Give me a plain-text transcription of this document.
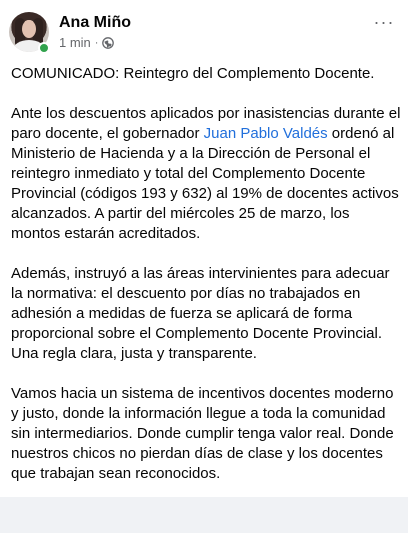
Ana Miño
1 min ·
···

COMUNICADO: Reintegro del Complemento Docente.

Ante los descuentos aplicados por inasistencias durante el paro docente, el gobernador Juan Pablo Valdés ordenó al Ministerio de Hacienda y a la Dirección de Personal el reintegro inmediato y total del Complemento Docente Provincial (códigos 193 y 632) al 19% de docentes activos alcanzados. A partir del miércoles 25 de marzo, los montos estarán acreditados.

Además, instruyó a las áreas intervinientes para adecuar la normativa: el descuento por días no trabajados en adhesión a medidas de fuerza se aplicará de forma proporcional sobre el Complemento Docente Provincial. Una regla clara, justa y transparente.

Vamos hacia un sistema de incentivos docentes moderno y justo, donde la información llegue a toda la comunidad sin intermediarios. Donde cumplir tenga valor real. Donde nuestros chicos no pierdan días de clase y los docentes que trabajan sean reconocidos.
